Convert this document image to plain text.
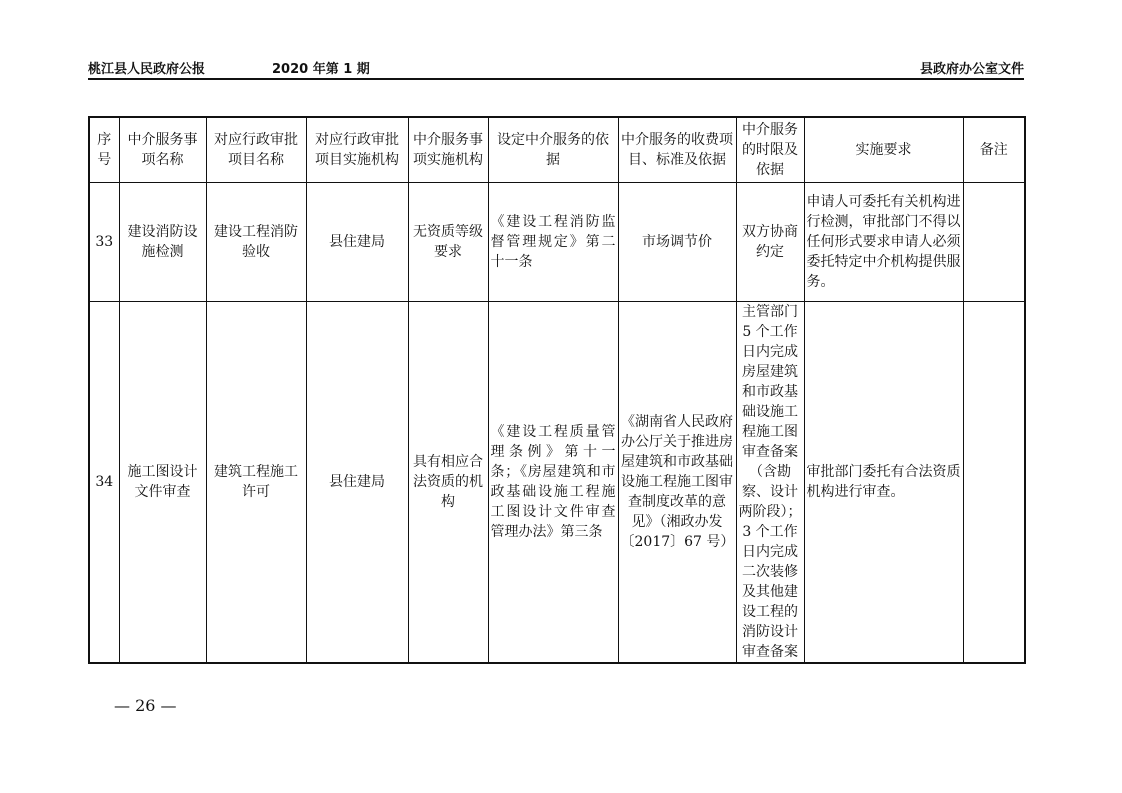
桃江县人民政府公报	2020 年第 1 期	县政府办公室文件
序号	中介服务事项名称	对应行政审批项目名称	对应行政审批项目实施机构	中介服务事项实施机构	设定中介服务的依据	中介服务的收费项目、标准及依据	中介服务的时限及依据	实施要求	备注
33	建设消防设施检测	建设工程消防验收	县住建局	无资质等级要求	《建设工程消防监督管理规定》第二十一条	市场调节价	双方协商约定	申请人可委托有关机构进行检测，审批部门不得以任何形式要求申请人必须委托特定中介机构提供服务。	
34	施工图设计文件审查	建筑工程施工许可	县住建局	具有相应合法资质的机构	《建设工程质量管理条例》第十一条；《房屋建筑和市政基础设施工程施工图设计文件审查管理办法》第三条	《湖南省人民政府办公厅关于推进房屋建筑和市政基础设施工程施工图审查制度改革的意见》（湘政办发〔2017〕67 号）	主管部门 5 个工作日内完成房屋建筑和市政基础设施工程施工图审查备案（含勘察、设计两阶段）；3 个工作日内完成二次装修及其他建设工程的消防设计审查备案	审批部门委托有合法资质机构进行审查。	
— 26 —
